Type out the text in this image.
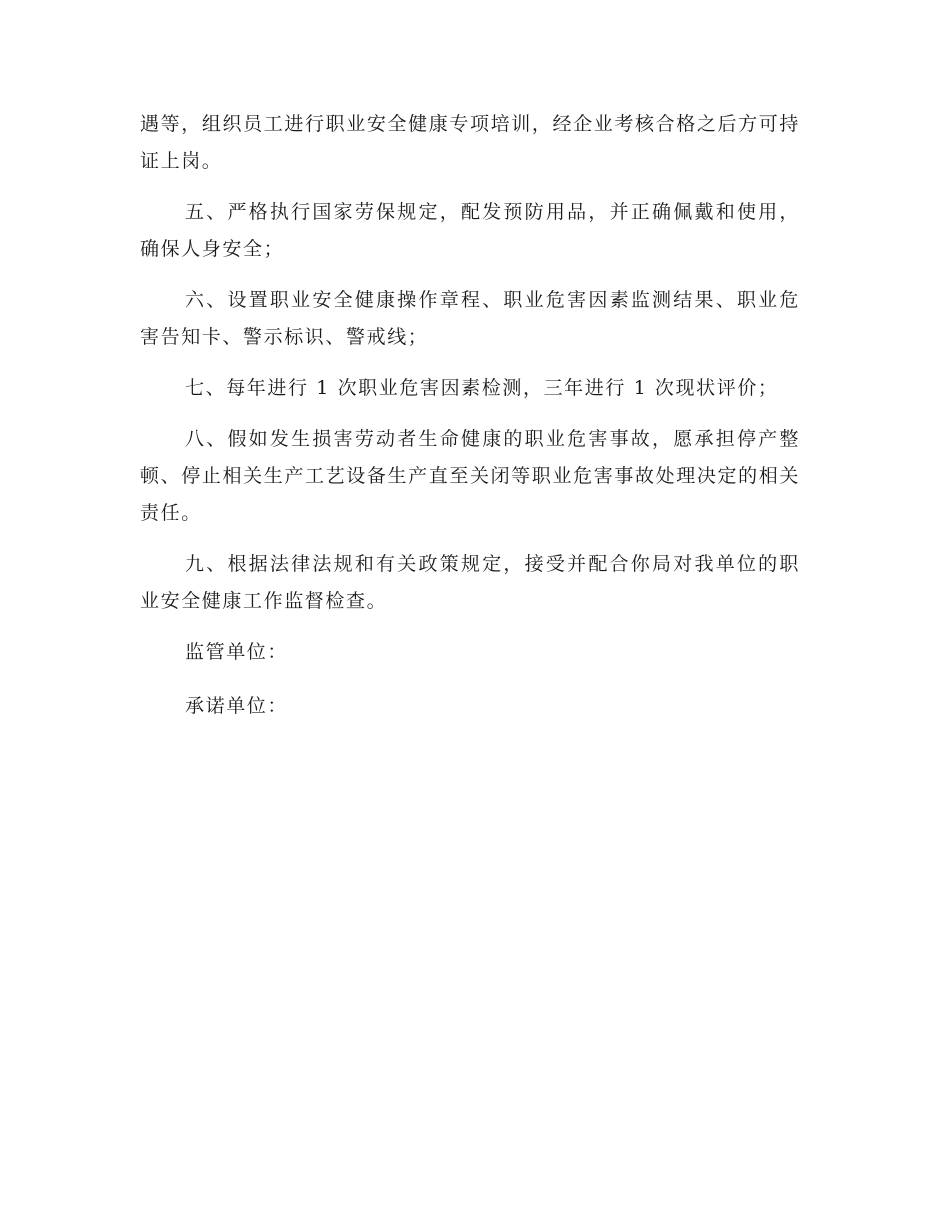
遇等，组织员工进行职业安全健康专项培训，经企业考核合格之后方可持证上岗。

五、严格执行国家劳保规定，配发预防用品，并正确佩戴和使用，确保人身安全；

六、设置职业安全健康操作章程、职业危害因素监测结果、职业危害告知卡、警示标识、警戒线；

七、每年进行 1 次职业危害因素检测，三年进行 1 次现状评价；

八、假如发生损害劳动者生命健康的职业危害事故，愿承担停产整顿、停止相关生产工艺设备生产直至关闭等职业危害事故处理决定的相关责任。

九、根据法律法规和有关政策规定，接受并配合你局对我单位的职业安全健康工作监督检查。

监管单位：

承诺单位：
